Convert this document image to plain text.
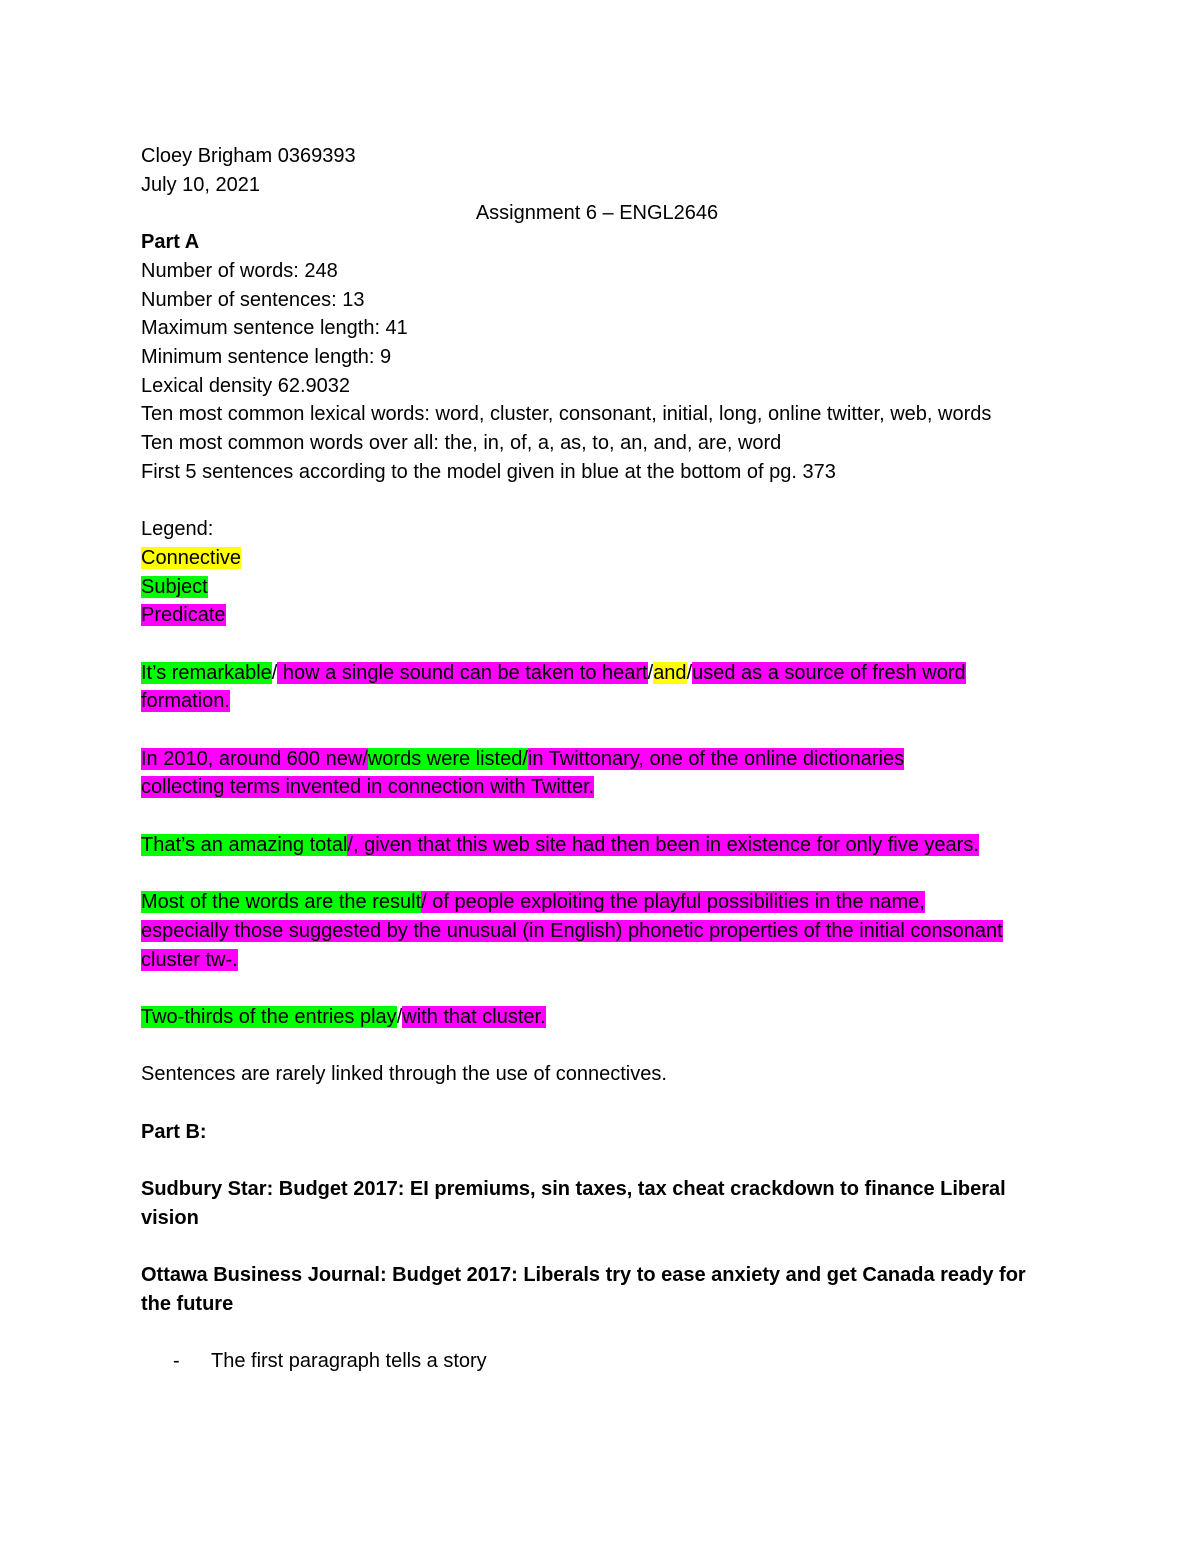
Cloey Brigham 0369393
July 10, 2021
Assignment 6 – ENGL2646
Part A
Number of words: 248
Number of sentences: 13
Maximum sentence length: 41
Minimum sentence length: 9
Lexical density 62.9032
Ten most common lexical words: word, cluster, consonant, initial, long, online twitter, web, words
Ten most common words over all: the, in, of, a, as, to, an, and, are, word
First 5 sentences according to the model given in blue at the bottom of pg. 373
Legend:
Connective
Subject
Predicate
It’s remarkable/ how a single sound can be taken to heart/and/used as a source of fresh word formation.
In 2010, around 600 new/words were listed/in Twittonary, one of the online dictionaries collecting terms invented in connection with Twitter.
That’s an amazing total/, given that this web site had then been in existence for only five years.
Most of the words are the result/ of people exploiting the playful possibilities in the name, especially those suggested by the unusual (in English) phonetic properties of the initial consonant cluster tw-.
Two-thirds of the entries play/with that cluster.
Sentences are rarely linked through the use of connectives.
Part B:
Sudbury Star: Budget 2017: EI premiums, sin taxes, tax cheat crackdown to finance Liberal vision
Ottawa Business Journal: Budget 2017: Liberals try to ease anxiety and get Canada ready for the future
-	The first paragraph tells a story
